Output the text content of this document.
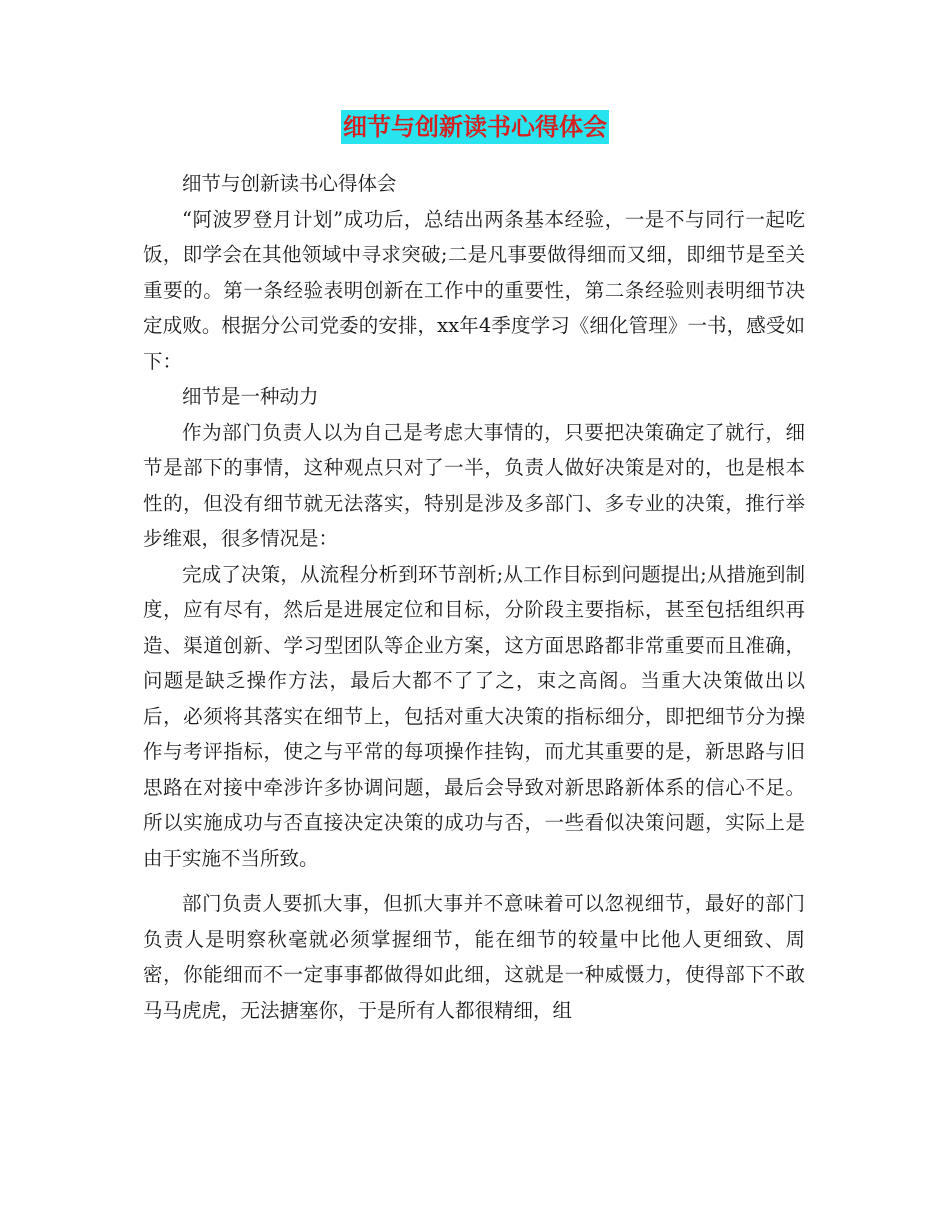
细节与创新读书心得体会

细节与创新读书心得体会

“阿波罗登月计划”成功后，总结出两条基本经验，一是不与同行一起吃饭，即学会在其他领域中寻求突破;二是凡事要做得细而又细，即细节是至关重要的。第一条经验表明创新在工作中的重要性，第二条经验则表明细节决定成败。根据分公司党委的安排，xx年4季度学习《细化管理》一书，感受如下：

细节是一种动力

作为部门负责人以为自己是考虑大事情的，只要把决策确定了就行，细节是部下的事情，这种观点只对了一半，负责人做好决策是对的，也是根本性的，但没有细节就无法落实，特别是涉及多部门、多专业的决策，推行举步维艰，很多情况是：

完成了决策，从流程分析到环节剖析;从工作目标到问题提出;从措施到制度，应有尽有，然后是进展定位和目标，分阶段主要指标，甚至包括组织再造、渠道创新、学习型团队等企业方案，这方面思路都非常重要而且准确，问题是缺乏操作方法，最后大都不了了之，束之高阁。当重大决策做出以后，必须将其落实在细节上，包括对重大决策的指标细分，即把细节分为操作与考评指标，使之与平常的每项操作挂钩，而尤其重要的是，新思路与旧思路在对接中牵涉许多协调问题，最后会导致对新思路新体系的信心不足。所以实施成功与否直接决定决策的成功与否，一些看似决策问题，实际上是由于实施不当所致。

部门负责人要抓大事，但抓大事并不意味着可以忽视细节，最好的部门负责人是明察秋毫就必须掌握细节，能在细节的较量中比他人更细致、周密，你能细而不一定事事都做得如此细，这就是一种威慑力，使得部下不敢马马虎虎，无法搪塞你，于是所有人都很精细，组
